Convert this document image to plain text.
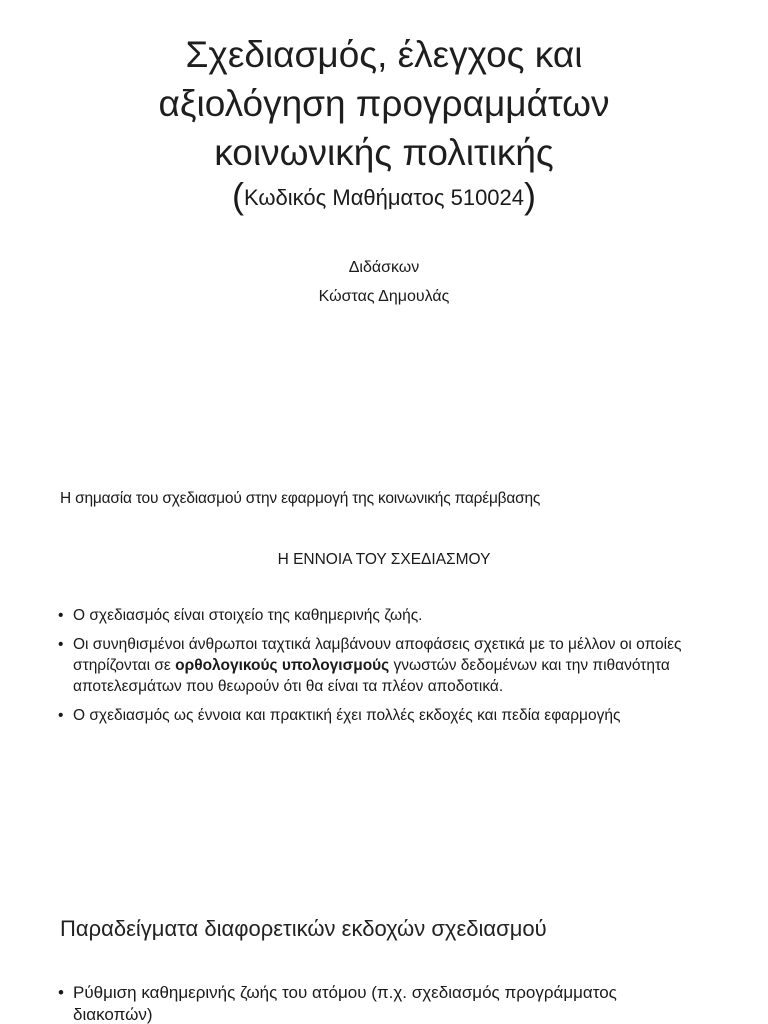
Σχεδιασμός, έλεγχος και
αξιολόγηση προγραμμάτων
κοινωνικής πολιτικής
(Κωδικός Μαθήματος 510024)
Διδάσκων
Κώστας Δημουλάς
Η σημασία του σχεδιασμού στην εφαρμογή της κοινωνικής παρέμβασης
Η ΕΝΝΟΙΑ ΤΟΥ ΣΧΕΔΙΑΣΜΟΥ
• Ο σχεδιασμός είναι στοιχείο της καθημερινής ζωής.
• Οι συνηθισμένοι άνθρωποι ταχτικά λαμβάνουν αποφάσεις σχετικά με το μέλλον οι οποίες στηρίζονται σε ορθολογικούς υπολογισμούς γνωστών δεδομένων και την πιθανότητα αποτελεσμάτων που θεωρούν ότι θα είναι τα πλέον αποδοτικά.
• Ο σχεδιασμός ως έννοια και πρακτική έχει πολλές εκδοχές και πεδία εφαρμογής
Παραδείγματα διαφορετικών εκδοχών σχεδιασμού
• Ρύθμιση καθημερινής ζωής του ατόμου (π.χ. σχεδιασμός προγράμματος διακοπών)
